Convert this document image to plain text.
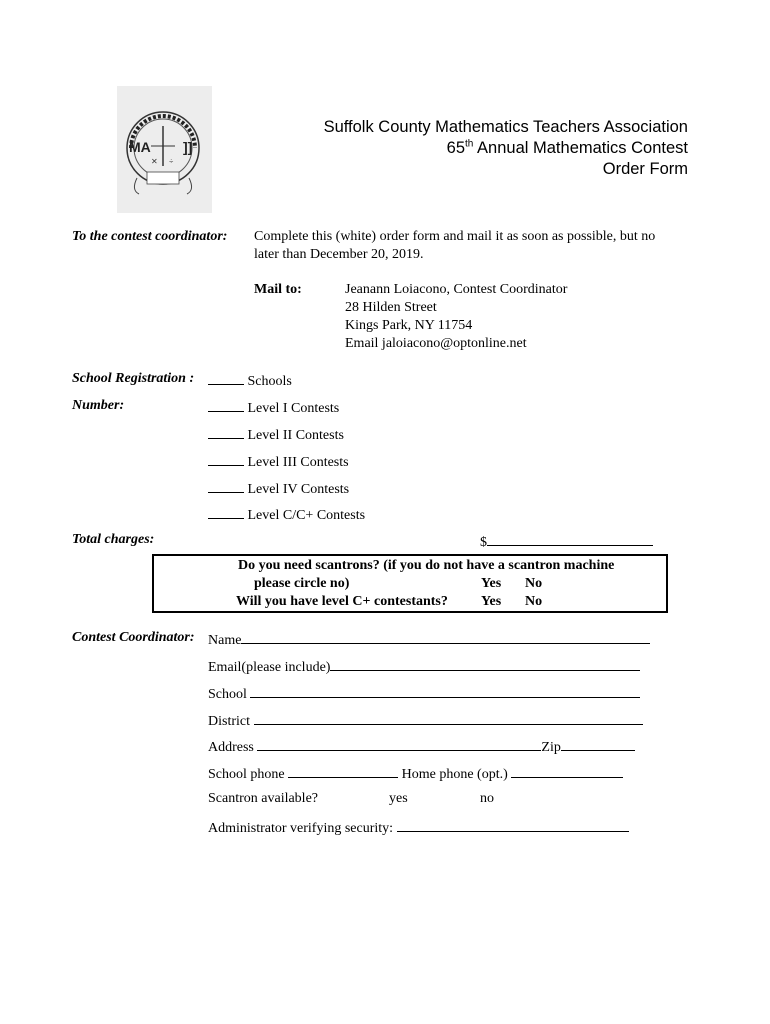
MA ]]
✕ ÷
Suffolk County Mathematics Teachers Association
65th Annual Mathematics Contest
Order Form
To the contest coordinator: Complete this (white) order form and mail it as soon as possible, but no
later than December 20, 2019.
Mail to:	Jeanann Loiacono, Contest Coordinator
28 Hilden Street
Kings Park, NY 11754
Email jaloiacono@optonline.net
School Registration :
Number:
Schools
Level I Contests
Level II Contests
Level III Contests
Level IV Contests
Level C/C+ Contests
Total charges:	$
Do you need scantrons? (if you do not have a scantron machine
please circle no)	Yes No
Will you have level C+ contestants? Yes No
Contest Coordinator: Name
Email(please include)
School
District
Address	Zip
School phone	Home phone (opt.)
Scantron available?	yes	no
Administrator verifying security:
